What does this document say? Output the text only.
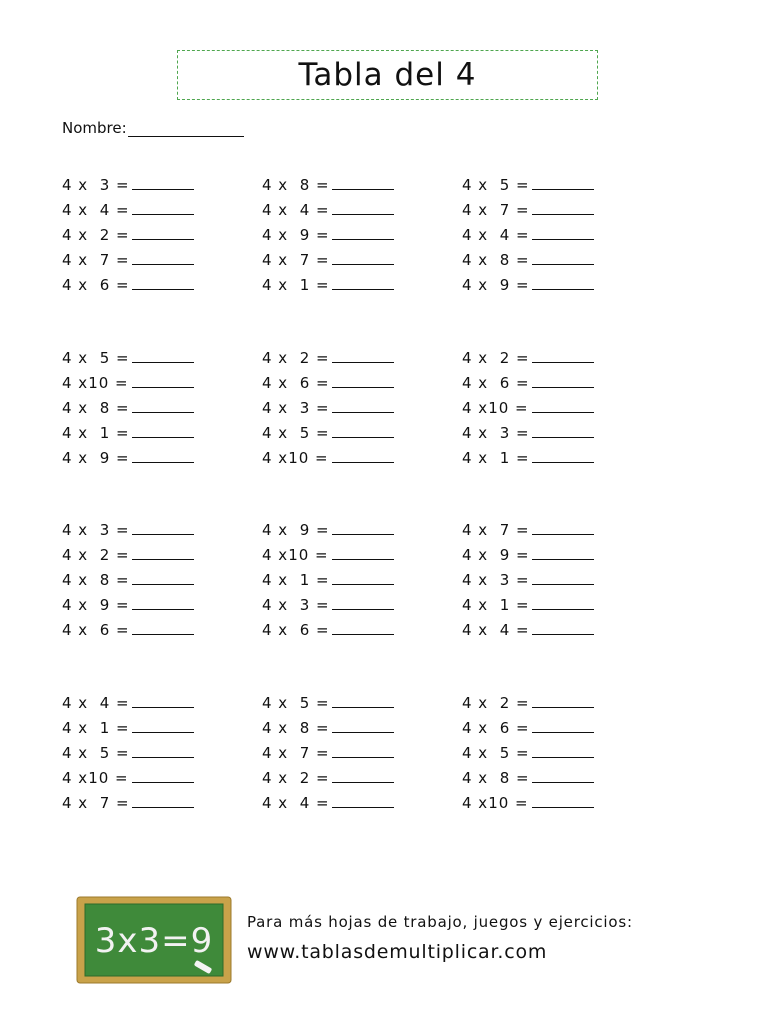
Tabla del 4
Nombre:
4 x  3 =
4 x  4 =
4 x  2 =
4 x  7 =
4 x  6 =
4 x  8 =
4 x  4 =
4 x  9 =
4 x  7 =
4 x  1 =
4 x  5 =
4 x  7 =
4 x  4 =
4 x  8 =
4 x  9 =
4 x  5 =
4 x10 =
4 x  8 =
4 x  1 =
4 x  9 =
4 x  2 =
4 x  6 =
4 x  3 =
4 x  5 =
4 x10 =
4 x  2 =
4 x  6 =
4 x10 =
4 x  3 =
4 x  1 =
4 x  3 =
4 x  2 =
4 x  8 =
4 x  9 =
4 x  6 =
4 x  9 =
4 x10 =
4 x  1 =
4 x  3 =
4 x  6 =
4 x  7 =
4 x  9 =
4 x  3 =
4 x  1 =
4 x  4 =
4 x  4 =
4 x  1 =
4 x  5 =
4 x10 =
4 x  7 =
4 x  5 =
4 x  8 =
4 x  7 =
4 x  2 =
4 x  4 =
4 x  2 =
4 x  6 =
4 x  5 =
4 x  8 =
4 x10 =
3x3=9 Para más hojas de trabajo, juegos y ejercicios:
www.tablasdemultiplicar.com
